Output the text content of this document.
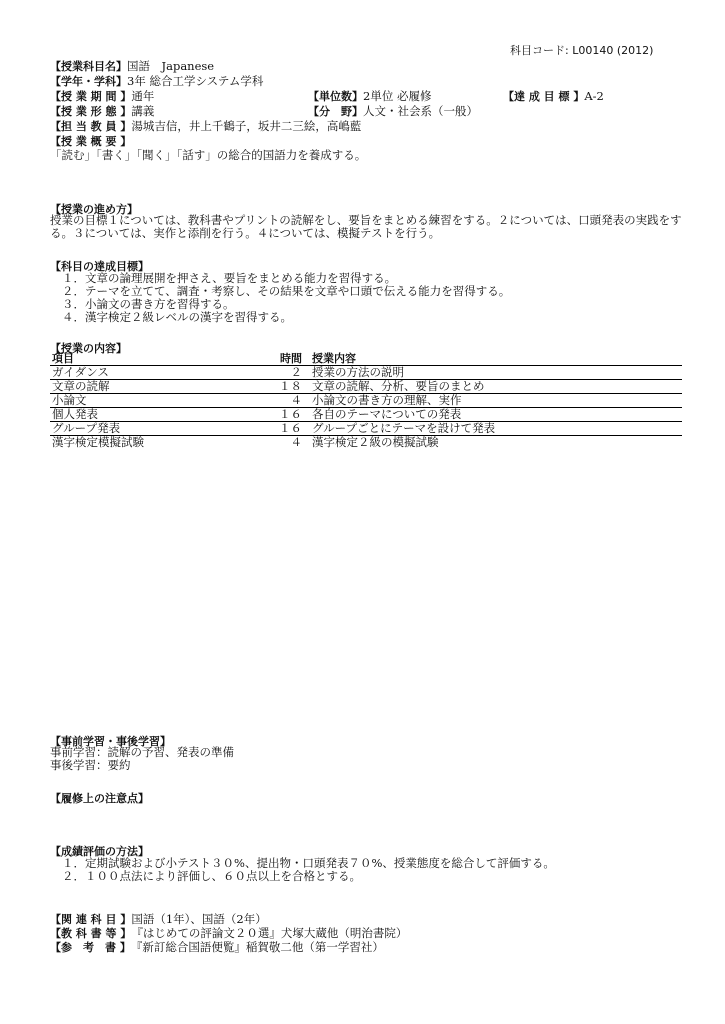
科目コード: L00140 (2012)
【授業科目名】国語　Japanese
【学年・学科】3年 総合工学システム学科
【授 業 期 間 】通年	【単位数】2単位 必履修	【達 成 目 標 】A-2
【授 業 形 態 】講義	【分　野】人文・社会系（一般）
【担 当 教 員 】湯城吉信，井上千鶴子，坂井二三絵，高嶋藍
【授 業 概 要 】
「読む」「書く」「聞く」「話す」の総合的国語力を養成する。
【授業の進め方】
授業の目標１については、教科書やプリントの読解をし、要旨をまとめる練習をする。２については、口頭発表の実践をする。３については、実作と添削を行う。４については、模擬テストを行う。
【科目の達成目標】
１．文章の論理展開を押さえ、要旨をまとめる能力を習得する。
２．テーマを立てて、調査・考察し、その結果を文章や口頭で伝える能力を習得する。
３．小論文の書き方を習得する。
４．漢字検定２級レベルの漢字を習得する。
【授業の内容】
項目	時間	授業内容
ガイダンス	２	授業の方法の説明
文章の読解	１８	文章の読解、分析、要旨のまとめ
小論文	４	小論文の書き方の理解、実作
個人発表	１６	各自のテーマについての発表
グループ発表	１６	グループごとにテーマを設けて発表
漢字検定模擬試験	４	漢字検定２級の模擬試験
【事前学習・事後学習】
事前学習：読解の予習、発表の準備
事後学習：要約
【履修上の注意点】
【成績評価の方法】
１．定期試験および小テスト３０%、提出物・口頭発表７０%、授業態度を総合して評価する。
２．１００点法により評価し、６０点以上を合格とする。
【関 連 科 目 】国語（1年）、国語（2年）
【教 科 書 等 】『はじめての評論文２０選』犬塚大蔵他（明治書院）
【参　考　書 】『新訂総合国語便覧』稲賀敬二他（第一学習社）
